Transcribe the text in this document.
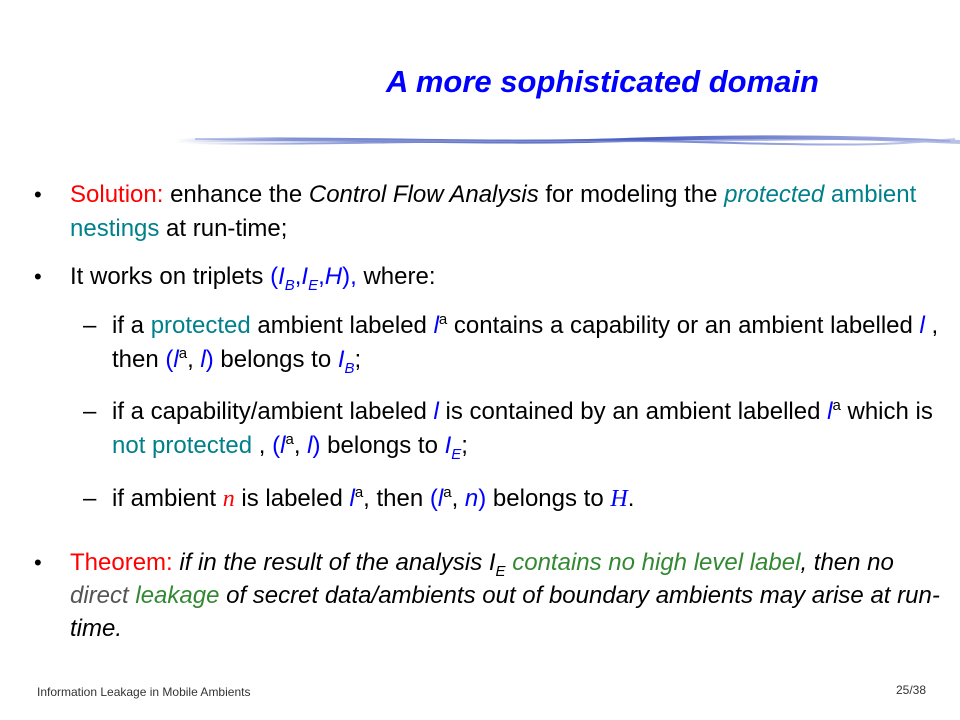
A more sophisticated domain
• Solution: enhance the Control Flow Analysis for modeling the protected ambient nestings at run-time;
• It works on triplets $(I_B,I_E,H)$, where:
– if a protected ambient labeled $l^a$ contains a capability or an ambient labelled l , then ($l^a$, l) belongs to $I_B$;
– if a capability/ambient labeled l is contained by an ambient labelled $l^a$ which is not protected , ($l^a$, l) belongs to $I_E$;
– if ambient n is labeled $l^a$, then ($l^a$, n) belongs to H.
• Theorem: if in the result of the analysis $I_E$ contains no high level label, then no direct leakage of secret data/ambients out of boundary ambients may arise at run-time.
Information Leakage in Mobile Ambients	25/38
